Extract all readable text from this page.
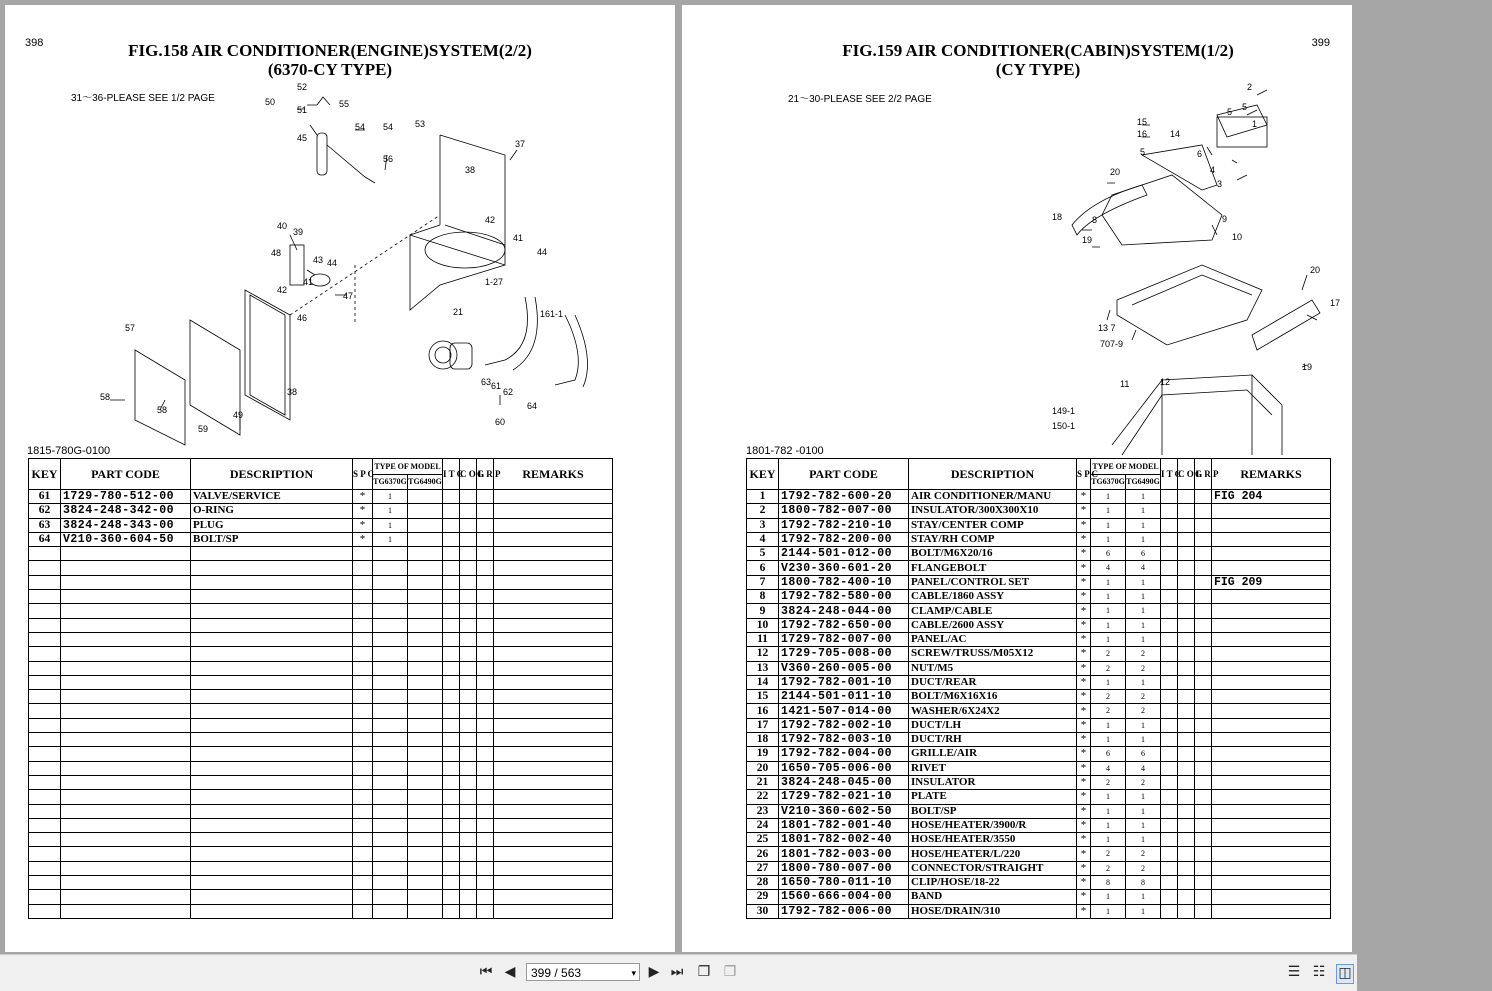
398	FIG.158 AIR CONDITIONER(ENGINE)SYSTEM(2/2)
(6370-CY TYPE)
31～36-PLEASE SEE 1/2 PAGE
52
50
51
55
45
54 54 53
37
56
38
40
39
48
42
43
41
44
42
41
44
1-27
47
46
57
21	161-1
58
58	49
38
63 61
62
64
60
59
1815-780G-0100
KEY	PART CODE	DESCRIPTION	S P C	TYPE OF MODEL		I T C	C O L	G R P	REMARKS
				TG6370G	TG6490G				
61	1729-780-512-00	VALVE/SERVICE	*	1					
62	3824-248-342-00	O-RING	*	1					
63	3824-248-343-00	PLUG	*	1					
64	V210-360-604-50	BOLT/SP	*	1					

399
FIG.159 AIR CONDITIONER(CABIN)SYSTEM(1/2)
(CY TYPE)
21～30-PLEASE SEE 2/2 PAGE
2
5
5
1
15
16	14
5	6
4
3
20
18	8	9
19	10
20
17
13 7
707-9
11	12
19
149-1
150-1
1801-782 -0100
KEY	PART CODE	DESCRIPTION	S P C	TYPE OF MODEL		I T C	C O L	G R P	REMARKS
				TG6370G	TG6490G				
1	1792-782-600-20	AIR CONDITIONER/MANU	*	1	1				FIG 204
2	1800-782-007-00	INSULATOR/300X300X10	*	1	1				
3	1792-782-210-10	STAY/CENTER COMP	*	1	1				
4	1792-782-200-00	STAY/RH COMP	*	1	1				
5	2144-501-012-00	BOLT/M6X20/16	*	6	6				
6	V230-360-601-20	FLANGEBOLT	*	4	4				
7	1800-782-400-10	PANEL/CONTROL SET	*	1	1				FIG 209
8	1792-782-580-00	CABLE/1860 ASSY	*	1	1				
9	3824-248-044-00	CLAMP/CABLE	*	1	1				
10	1792-782-650-00	CABLE/2600 ASSY	*	1	1				
11	1729-782-007-00	PANEL/AC	*	1	1				
12	1729-705-008-00	SCREW/TRUSS/M05X12	*	2	2				
13	V360-260-005-00	NUT/M5	*	2	2				
14	1792-782-001-10	DUCT/REAR	*	1	1				
15	2144-501-011-10	BOLT/M6X16X16	*	2	2				
16	1421-507-014-00	WASHER/6X24X2	*	2	2				
17	1792-782-002-10	DUCT/LH	*	1	1				
18	1792-782-003-10	DUCT/RH	*	1	1				
19	1792-782-004-00	GRILLE/AIR	*	6	6				
20	1650-705-006-00	RIVET	*	4	4				
21	3824-248-045-00	INSULATOR	*	2	2				
22	1729-782-021-10	PLATE	*	1	1				
23	V210-360-602-50	BOLT/SP	*	1	1				
24	1801-782-001-40	HOSE/HEATER/3900/R	*	1	1				
25	1801-782-002-40	HOSE/HEATER/3550	*	1	1				
26	1801-782-003-00	HOSE/HEATER/L/220	*	2	2				
27	1800-780-007-00	CONNECTOR/STRAIGHT	*	2	2				
28	1650-780-011-10	CLIP/HOSE/18-22	*	8	8				
29	1560-666-004-00	BAND	*	1	1				
30	1792-782-006-00	HOSE/DRAIN/310	*	1	1				
⏮ ◀	399 / 563	▾ ▶ ⏭ ❐ ❐	☰ ☷ ◫
